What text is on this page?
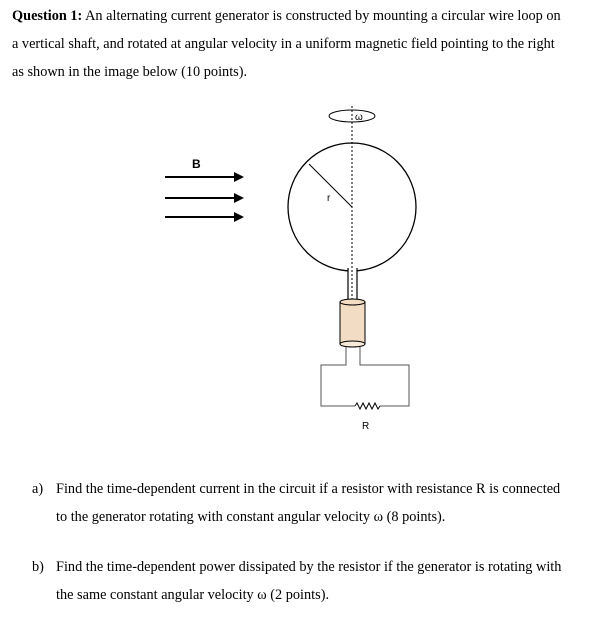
Question 1: An alternating current generator is constructed by mounting a circular wire loop on
a vertical shaft, and rotated at angular velocity in a uniform magnetic field pointing to the right
as shown in the image below (10 points).
B
r
ω
R
a) Find the time-dependent current in the circuit if a resistor with resistance R is connected
to the generator rotating with constant angular velocity ω (8 points).
b) Find the time-dependent power dissipated by the resistor if the generator is rotating with
the same constant angular velocity ω (2 points).
